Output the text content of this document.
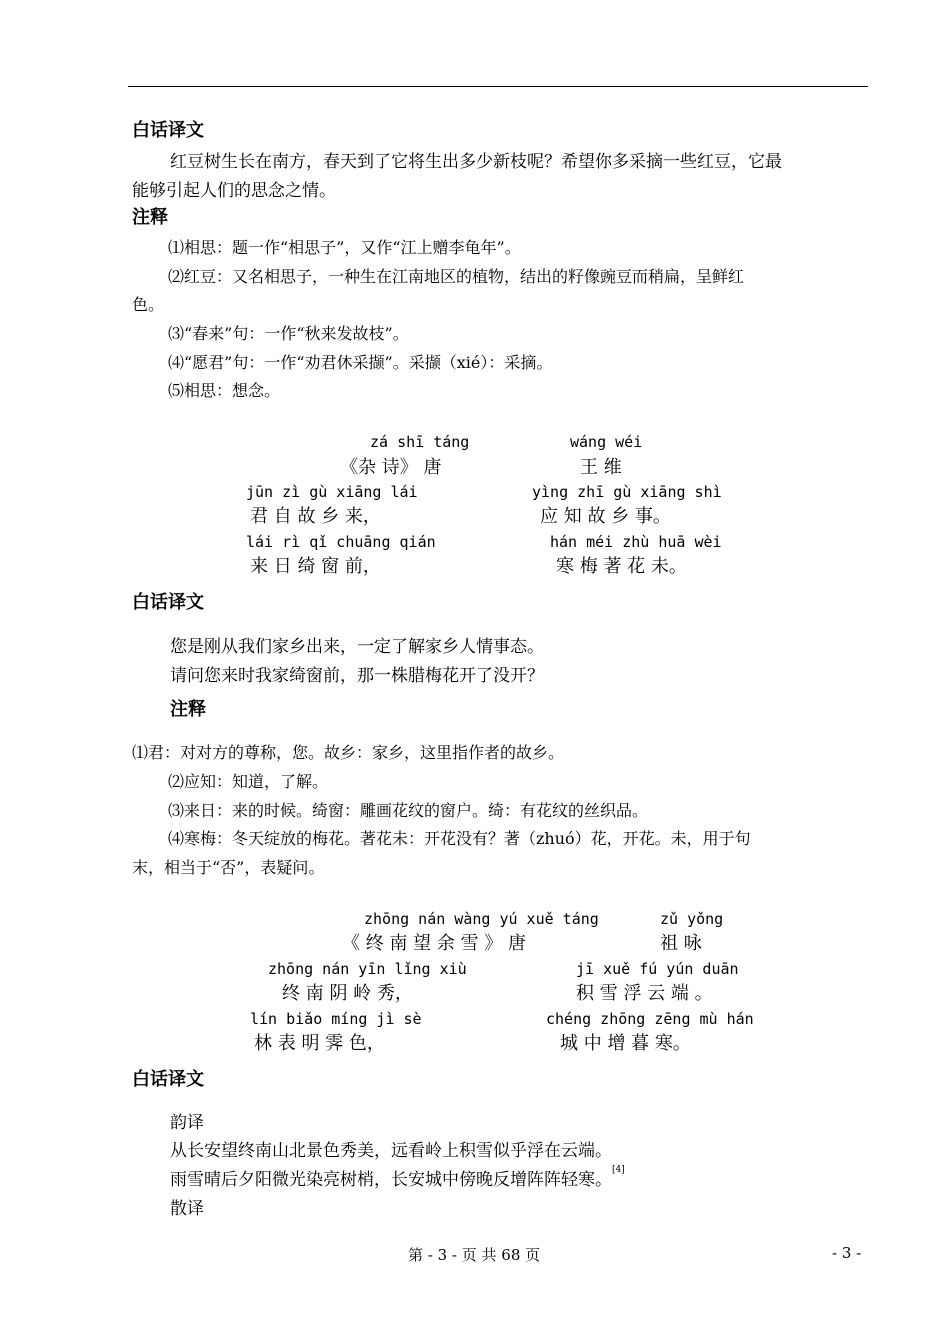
白话译文
红豆树生长在南方，春天到了它将生出多少新枝呢？希望你多采摘一些红豆，它最
能够引起人们的思念之情。
注释
⑴相思：题一作“相思子”，又作“江上赠李龟年”。
⑵红豆：又名相思子，一种生在江南地区的植物，结出的籽像豌豆而稍扁，呈鲜红
色。
⑶“春来”句：一作“秋来发故枝”。
⑷“愿君”句：一作“劝君休采撷”。采撷（xié）：采摘。
⑸相思：想念。
zá shī táng
《杂 诗》 唐
wáng wéi
王 维
jūn zì gù xiāng lái
君 自 故 乡 来，
yìng zhī gù xiāng shì
应 知 故 乡 事。
lái rì qǐ chuāng qián
来 日 绮 窗 前，
hán méi zhù huā wèi
寒 梅 著 花 未。
白话译文
您是刚从我们家乡出来，一定了解家乡人情事态。
请问您来时我家绮窗前，那一株腊梅花开了没开？
注释
⑴君：对对方的尊称，您。故乡：家乡，这里指作者的故乡。
⑵应知：知道，了解。
⑶来日：来的时候。绮窗：雕画花纹的窗户。绮：有花纹的丝织品。
⑷寒梅：冬天绽放的梅花。著花未：开花没有？著（zhuó）花，开花。未，用于句
末，相当于“否”，表疑问。
zhōng nán wàng yú xuě táng
《 终 南 望 余 雪 》 唐
zǔ yǒng
祖 咏
zhōng nán yīn lǐng xiù
终 南 阴 岭 秀，
jī xuě fú yún duān
积 雪 浮 云 端 。
lín biǎo míng jì sè
林 表 明 霁 色，
chéng zhōng zēng mù hán
城 中 增 暮 寒。
白话译文
韵译
从长安望终南山北景色秀美，远看岭上积雪似乎浮在云端。
雨雪晴后夕阳微光染亮树梢，长安城中傍晚反增阵阵轻寒。[4]
散译
第 - 3 - 页 共 68 页	- 3 -
